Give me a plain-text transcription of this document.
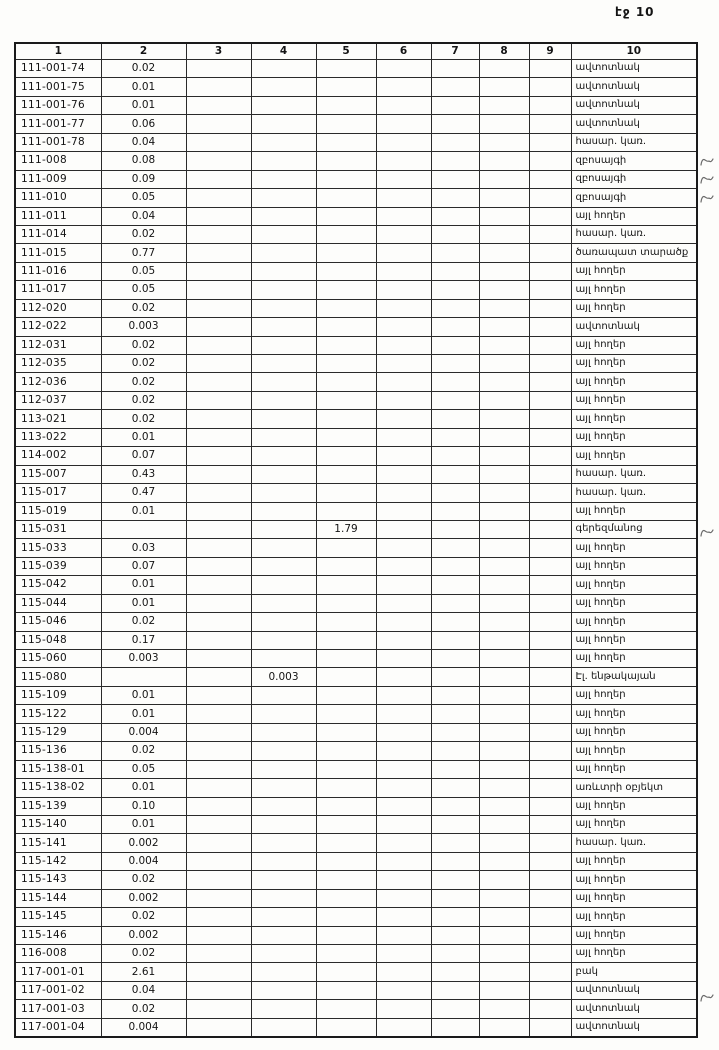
էջ 10
1	2	3	4	5	6	7	8	9	10
111-001-74	0.02								ավտոտնակ
111-001-75	0.01								ավտոտնակ
111-001-76	0.01								ավտոտնակ
111-001-77	0.06								ավտոտնակ
111-001-78	0.04								հասար. կառ.
111-008	0.08								զբոսայգի
111-009	0.09								զբոսայգի
111-010	0.05								զբոսայգի
111-011	0.04								այլ հողեր
111-014	0.02								հասար. կառ.
111-015	0.77								ծառապատ տարածք
111-016	0.05								այլ հողեր
111-017	0.05								այլ հողեր
112-020	0.02								այլ հողեր
112-022	0.003								ավտոտնակ
112-031	0.02								այլ հողեր
112-035	0.02								այլ հողեր
112-036	0.02								այլ հողեր
112-037	0.02								այլ հողեր
113-021	0.02								այլ հողեր
113-022	0.01								այլ հողեր
114-002	0.07								այլ հողեր
115-007	0.43								հասար. կառ.
115-017	0.47								հասար. կառ.
115-019	0.01								այլ հողեր
115-031				1.79					գերեզմանոց
115-033	0.03								այլ հողեր
115-039	0.07								այլ հողեր
115-042	0.01								այլ հողեր
115-044	0.01								այլ հողեր
115-046	0.02								այլ հողեր
115-048	0.17								այլ հողեր
115-060	0.003								այլ հողեր
115-080			0.003						Էլ. ենթակայան
115-109	0.01								այլ հողեր
115-122	0.01								այլ հողեր
115-129	0.004								այլ հողեր
115-136	0.02								այլ հողեր
115-138-01	0.05								այլ հողեր
115-138-02	0.01								առևտրի օբյեկտ
115-139	0.10								այլ հողեր
115-140	0.01								այլ հողեր
115-141	0.002								հասար. կառ.
115-142	0.004								այլ հողեր
115-143	0.02								այլ հողեր
115-144	0.002								այլ հողեր
115-145	0.02								այլ հողեր
115-146	0.002								այլ հողեր
116-008	0.02								այլ հողեր
117-001-01	2.61								բակ
117-001-02	0.04								ավտոտնակ
117-001-03	0.02								ավտոտնակ
117-001-04	0.004								ավտոտնակ
